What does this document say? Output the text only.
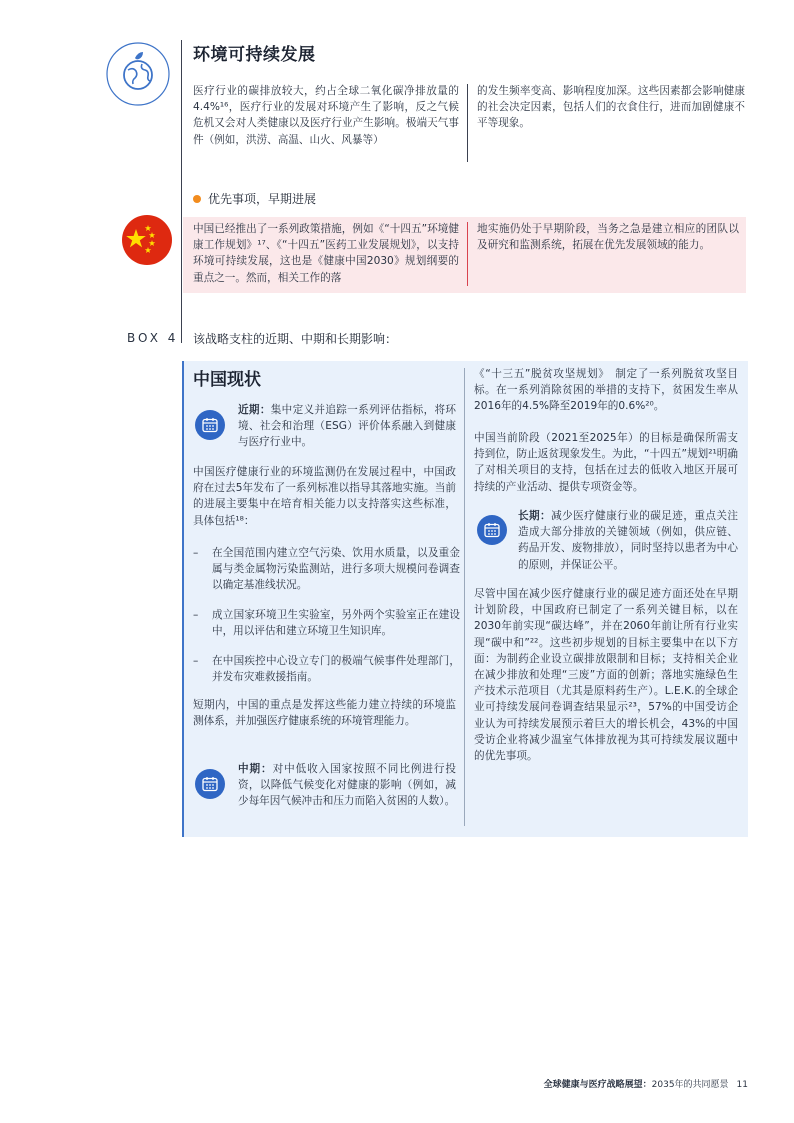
环境可持续发展

医疗行业的碳排放较大，约占全球二氧化碳净排放量的4.4%¹⁶，医疗行业的发展对环境产生了影响，反之气候危机又会对人类健康以及医疗行业产生影响。极端天气事件（例如，洪涝、高温、山火、风暴等）

的发生频率变高、影响程度加深。这些因素都会影响健康的社会决定因素，包括人们的衣食住行，进而加剧健康不平等现象。

优先事项，早期进展

中国已经推出了一系列政策措施，例如《“十四五”环境健康工作规划》¹⁷、《“十四五”医药工业发展规划》，以支持环境可持续发展，这也是《健康中国2030》规划纲要的重点之一。然而，相关工作的落

地实施仍处于早期阶段，当务之急是建立相应的团队以及研究和监测系统，拓展在优先发展领域的能力。

BOX 4 该战略支柱的近期、中期和长期影响：
中国现状

近期：集中定义并追踪一系列评估指标，将环境、社会和治理（ESG）评价体系融入到健康与医疗行业中。

中国医疗健康行业的环境监测仍在发展过程中，中国政府在过去5年发布了一系列标准以指导其落地实施。当前的进展主要集中在培育相关能力以支持落实这些标准，具体包括¹⁸：

– 在全国范围内建立空气污染、饮用水质量，以及重金属与类金属物污染监测站，进行多项大规模问卷调查以确定基准线状况。

– 成立国家环境卫生实验室，另外两个实验室正在建设中，用以评估和建立环境卫生知识库。

– 在中国疾控中心设立专门的极端气候事件处理部门，并发布灾难救援指南。

短期内，中国的重点是发挥这些能力建立持续的环境监测体系，并加强医疗健康系统的环境管理能力。

中期：对中低收入国家按照不同比例进行投资，以降低气候变化对健康的影响（例如，减少每年因气候冲击和压力而陷入贫困的人数）。

《“十三五”脱贫攻坚规划》　制定了一系列脱贫攻坚目标。在一系列消除贫困的举措的支持下，贫困发生率从2016年的4.5%降至2019年的0.6%²⁰。

中国当前阶段（2021至2025年）的目标是确保所需支持到位，防止返贫现象发生。为此，“十四五”规划²¹明确了对相关项目的支持，包括在过去的低收入地区开展可持续的产业活动、提供专项资金等。

长期：减少医疗健康行业的碳足迹，重点关注造成大部分排放的关键领域（例如，供应链、药品开发、废物排放），同时坚持以患者为中心的原则，并保证公平。

尽管中国在减少医疗健康行业的碳足迹方面还处在早期计划阶段，中国政府已制定了一系列关键目标，以在2030年前实现“碳达峰”，并在2060年前让所有行业实现“碳中和”²²。这些初步规划的目标主要集中在以下方面：为制药企业设立碳排放限制和目标；支持相关企业在减少排放和处理“三废”方面的创新；落地实施绿色生产技术示范项目（尤其是原料药生产）。L.E.K.的全球企业可持续发展问卷调查结果显示²³，57%的中国受访企业认为可持续发展预示着巨大的增长机会，43%的中国受访企业将减少温室气体排放视为其可持续发展议题中的优先事项。

全球健康与医疗战略展望：2035年的共同愿景 11
